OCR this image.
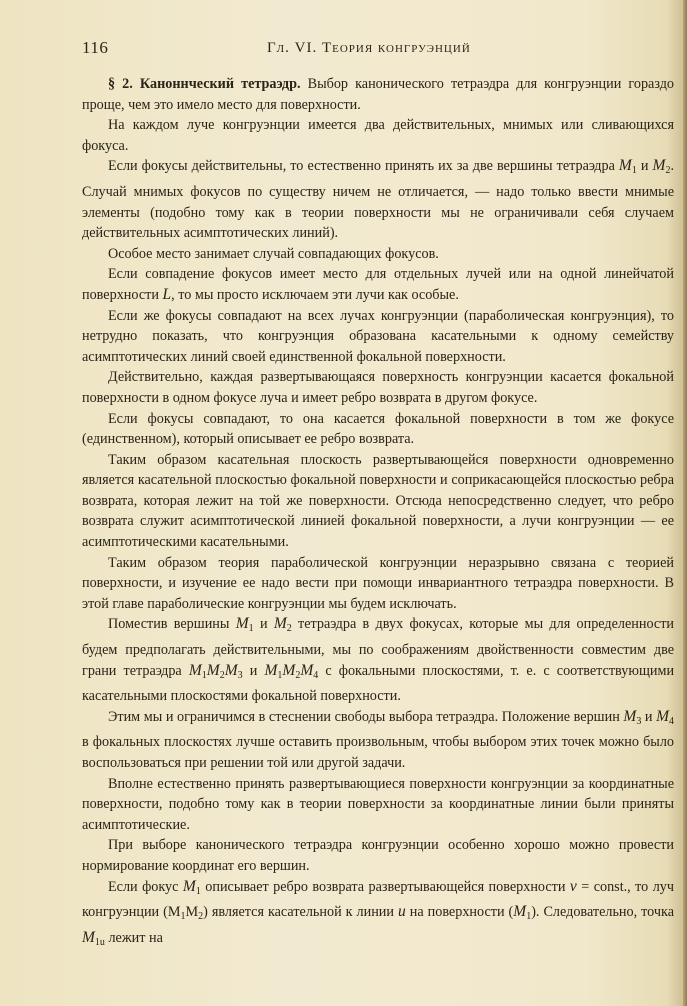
116	Гл. VI. Теория конгруэнций

§ 2. Каноннческий тетраэдр. Выбор канонического тетраэдра для конгруэнции гораздо проще, чем это имело место для поверхности.

На каждом луче конгруэнции имеется два действительных, мнимых или сливающихся фокуса.

Если фокусы действительны, то естественно принять их за две вершины тетраэдра $M_1$ и $M_2$. Случай мнимых фокусов по существу ничем не отличается, — надо только ввести мнимые элементы (подобно тому как в теории поверхности мы не ограничивали себя случаем действительных асимптотических линий).

Особое место занимает случай совпадающих фокусов.

Если совпадение фокусов имеет место для отдельных лучей или на одной линейчатой поверхности L, то мы просто исключаем эти лучи как особые.

Если же фокусы совпадают на всех лучах конгруэнции (параболическая конгруэнция), то нетрудно показать, что конгруэнция образована касательными к одному семейству асимптотических линий своей единственной фокальной поверхности.

Действительно, каждая развертывающаяся поверхность конгруэнции касается фокальной поверхности в одном фокусе луча и имеет ребро возврата в другом фокусе.

Если фокусы совпадают, то она касается фокальной поверхности в том же фокусе (единственном), который описывает ее ребро возврата.

Таким образом касательная плоскость развертывающейся поверхности одновременно является касательной плоскостью фокальной поверхности и соприкасающейся плоскостью ребра возврата, которая лежит на той же поверхности. Отсюда непосредственно следует, что ребро возврата служит асимптотической линией фокальной поверхности, а лучи конгруэнции — ее асимптотическими касательными.

Таким образом теория параболической конгруэнции неразрывно связана с теорией поверхности, и изучение ее надо вести при помощи инвариантного тетраэдра поверхности. В этой главе параболические конгруэнции мы будем исключать.

Поместив вершины $M_1$ и $M_2$ тетраэдра в двух фокусах, которые мы для определенности будем предполагать действительными, мы по соображениям двойственности совместим две грани тетраэдра $M_1M_2M_3$ и $M_1M_2M_4$ с фокальными плоскостями, т. е. с соответствующими касательными плоскостями фокальной поверхности.

Этим мы и ограничимся в стеснении свободы выбора тетраэдра. Положение вершин $M_3$ и $M_4$ в фокальных плоскостях лучше оставить произвольным, чтобы выбором этих точек можно было воспользоваться при решении той или другой задачи.

Вполне естественно принять развертывающиеся поверхности конгруэнции за координатные поверхности, подобно тому как в теории поверхности за координатные линии были приняты асимптотические.

При выборе канонического тетраэдра конгруэнции особенно хорошо можно провести нормирование координат его вершин.

Если фокус $M_1$ описывает ребро возврата развертывающейся поверхности v = const., то луч конгруэнции $(M_1M_2)$ является касательной к линии u на поверхности $(M_1)$. Следовательно, точка $M_{1u}$ лежит на
